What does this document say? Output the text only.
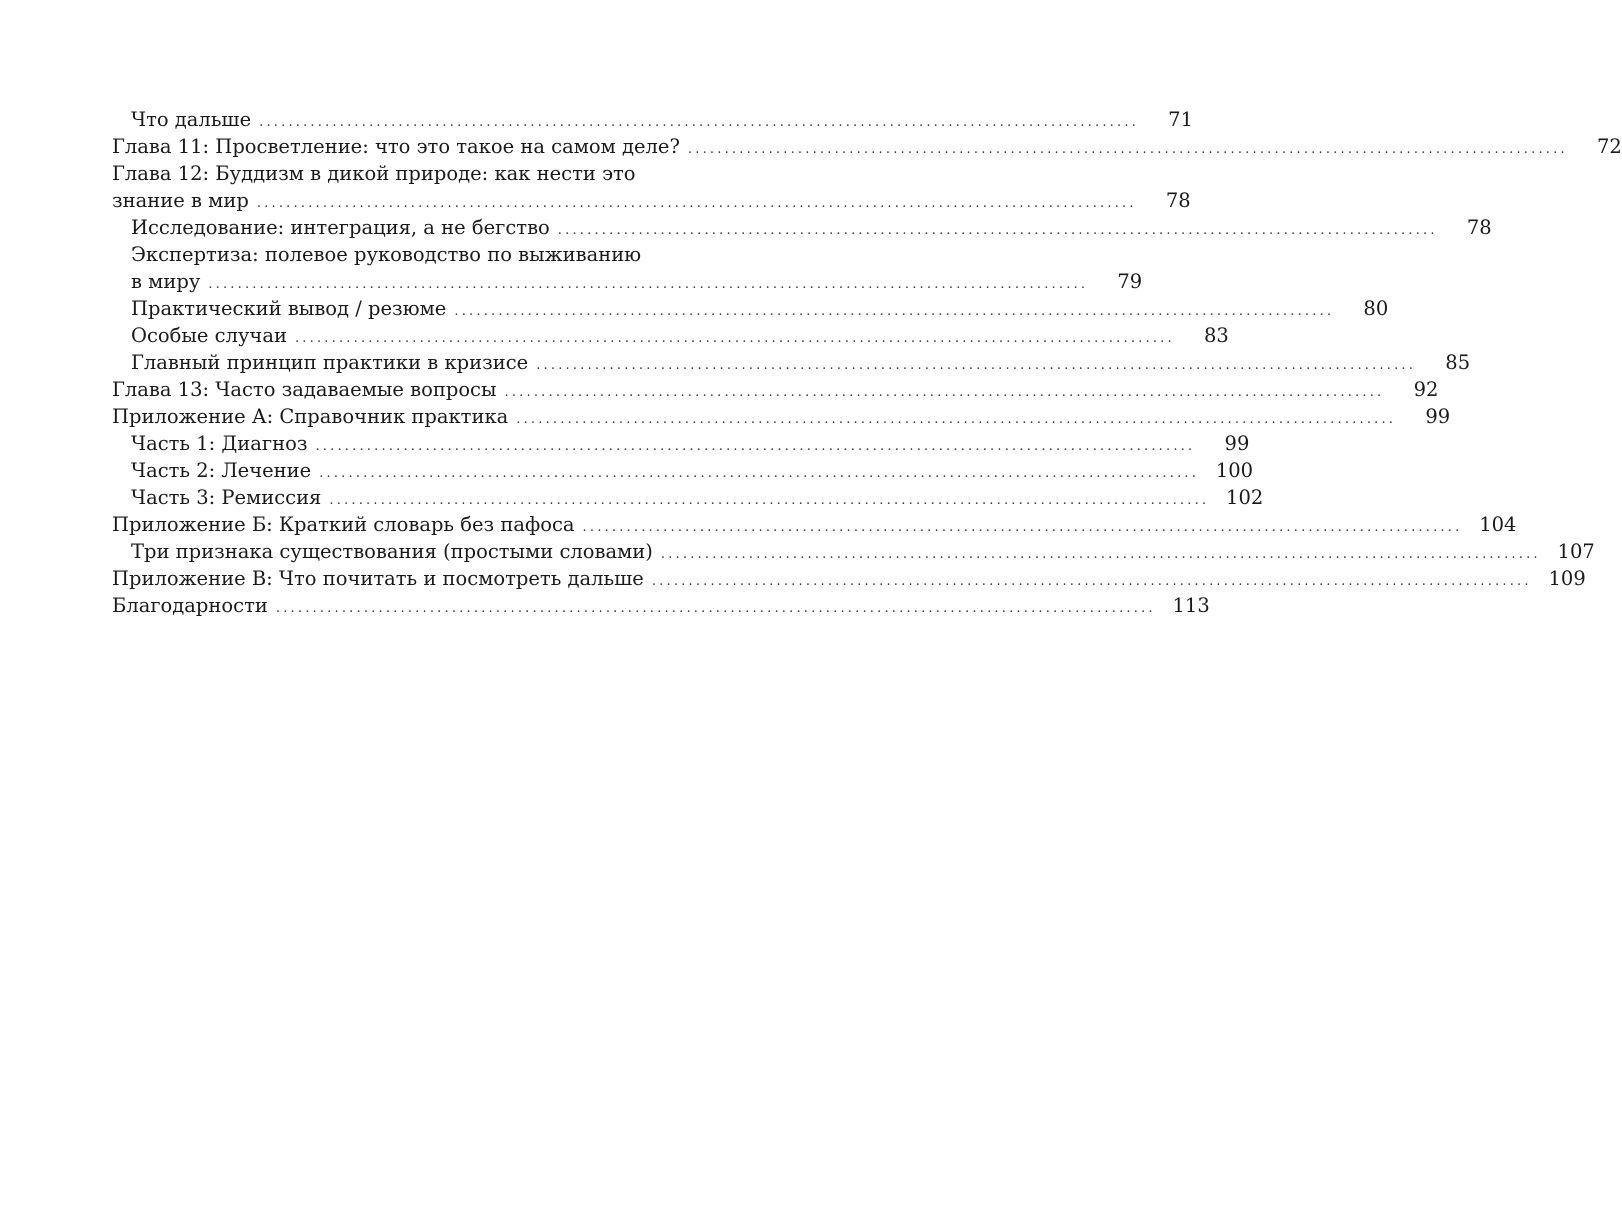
Что дальше ........................................................................................................................	71
Глава 11: Просветление: что это такое на самом деле? ........................................................................................................................	72
Глава 12: Буддизм в дикой природе: как нести это
знание в мир ........................................................................................................................	78
Исследование: интеграция, а не бегство ........................................................................................................................	78
Экспертиза: полевое руководство по выживанию
в миру ........................................................................................................................	79
Практический вывод / резюме ........................................................................................................................	80
Особые случаи ........................................................................................................................	83
Главный принцип практики в кризисе ........................................................................................................................	85
Глава 13: Часто задаваемые вопросы ........................................................................................................................	92
Приложение А: Справочник практика ........................................................................................................................	99
Часть 1: Диагноз ........................................................................................................................	99
Часть 2: Лечение ........................................................................................................................ 100
Часть 3: Ремиссия ........................................................................................................................ 102
Приложение Б: Краткий словарь без пафоса ........................................................................................................................ 104
Три признака существования (простыми словами) ........................................................................................................................ 107
Приложение В: Что почитать и посмотреть дальше ........................................................................................................................ 109
Благодарности ........................................................................................................................ 113
